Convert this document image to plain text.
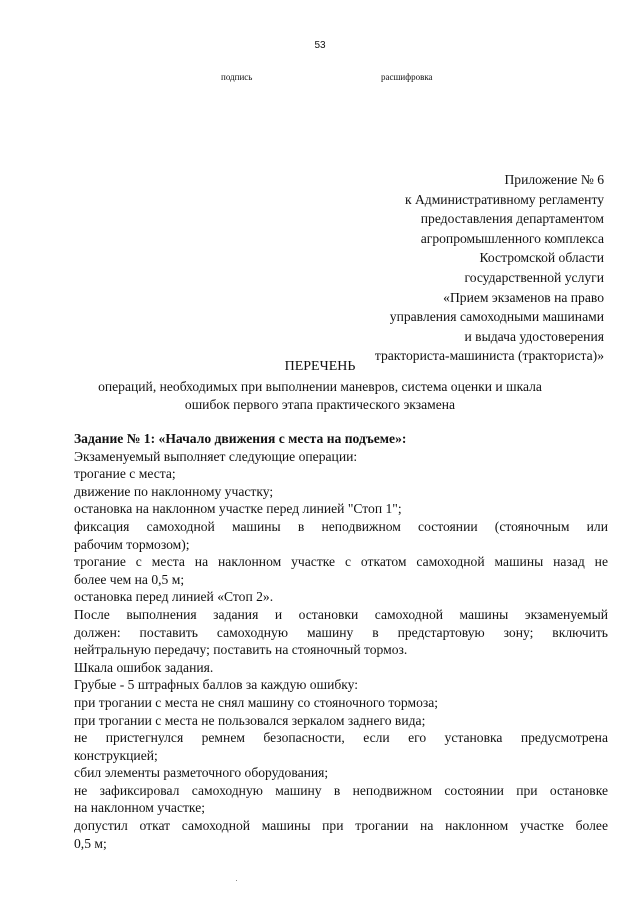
53
подпись	расшифровка
Приложение № 6
к Административному регламенту
предоставления департаментом
агропромышленного комплекса
Костромской области
государственной услуги
«Прием экзаменов на право
управления самоходными машинами
и выдача удостоверения
тракториста-машиниста (тракториста)»
ПЕРЕЧЕНЬ
операций, необходимых при выполнении маневров, система оценки и шкала
ошибок первого этапа практического экзамена
Задание № 1: «Начало движения с места на подъеме»:
Экзаменуемый выполняет следующие операции:
трогание с места;
движение по наклонному участку;
остановка на наклонном участке перед линией "Стоп 1";
фиксация самоходной машины в неподвижном состоянии (стояночным или
рабочим тормозом);
трогание с места на наклонном участке с откатом самоходной машины назад не
более чем на 0,5 м;
остановка перед линией «Стоп 2».
После выполнения задания и остановки самоходной машины экзаменуемый
должен: поставить самоходную машину в предстартовую зону; включить
нейтральную передачу; поставить на стояночный тормоз.
Шкала ошибок задания.
Грубые - 5 штрафных баллов за каждую ошибку:
при трогании с места не снял машину со стояночного тормоза;
при трогании с места не пользовался зеркалом заднего вида;
не пристегнулся ремнем безопасности, если его установка предусмотрена
конструкцией;
сбил элементы разметочного оборудования;
не зафиксировал самоходную машину в неподвижном состоянии при остановке
на наклонном участке;
допустил откат самоходной машины при трогании на наклонном участке более
0,5 м;
